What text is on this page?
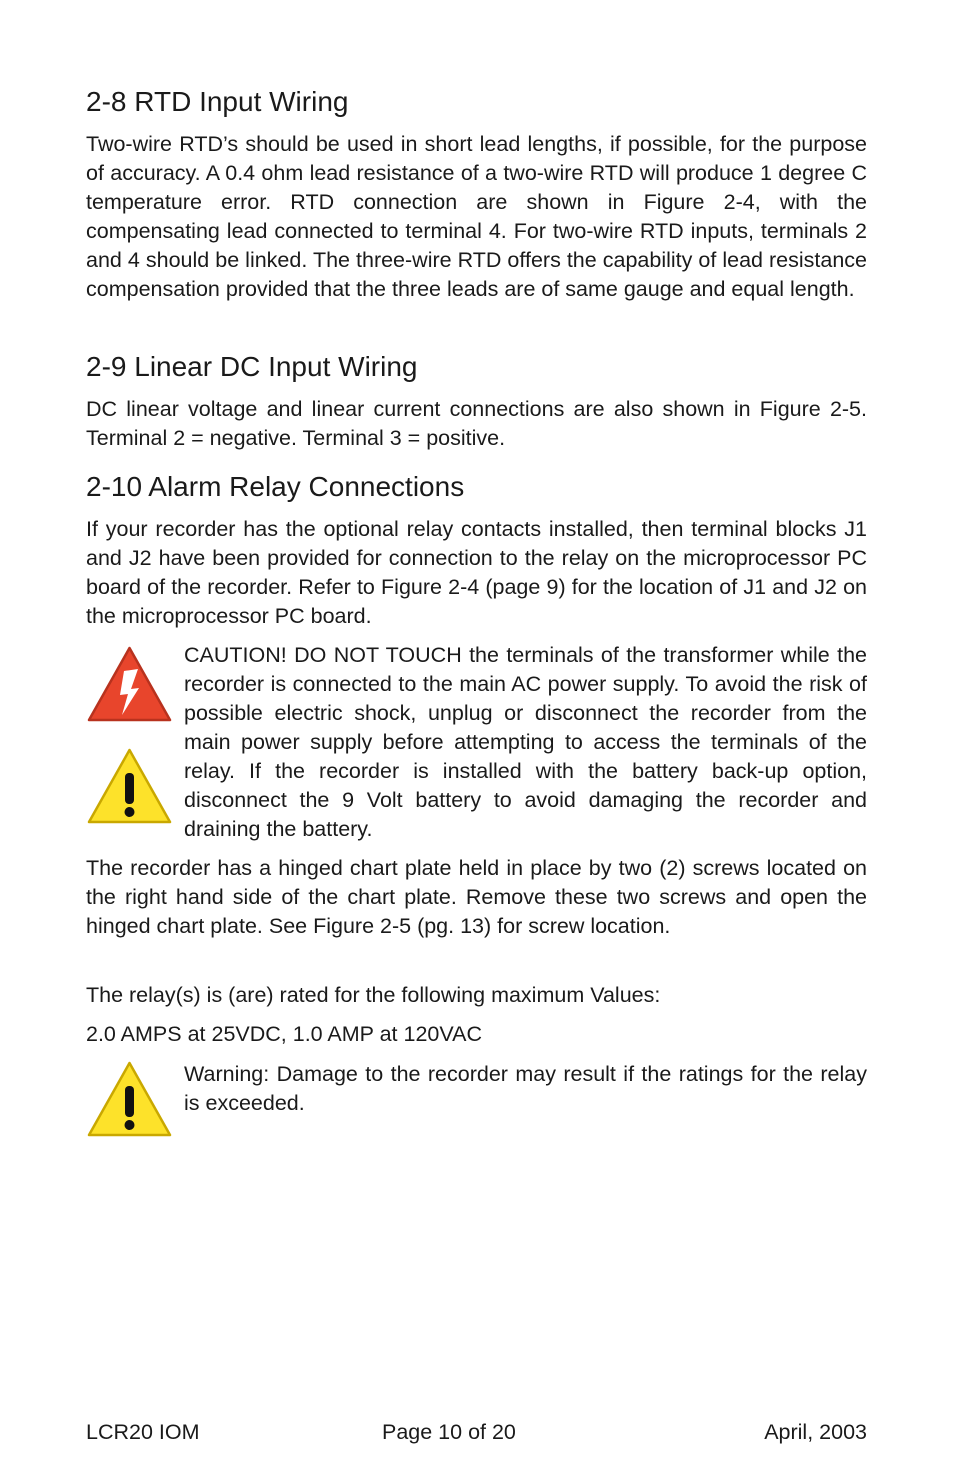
2-8 RTD Input Wiring

Two-wire RTD’s should be used in short lead lengths, if possible, for the purpose of accuracy. A 0.4 ohm lead resistance of a two-wire RTD will produce 1 degree C temperature error. RTD connection are shown in Figure 2-4, with the compensating lead connected to terminal 4. For two-wire RTD inputs, terminals 2 and 4 should be linked. The three-wire RTD offers the capability of lead resistance compensation provided that the three leads are of same gauge and equal length.

2-9 Linear DC Input Wiring

DC linear voltage and linear current connections are also shown in Figure 2-5. Terminal 2 = negative. Terminal 3 = positive.

2-10 Alarm Relay Connections

If your recorder has the optional relay contacts installed, then terminal blocks J1 and J2 have been provided for connection to the relay on the microprocessor PC board of the recorder. Refer to Figure 2-4 (page 9) for the location of J1 and J2 on the microprocessor PC board.

CAUTION! DO NOT TOUCH the terminals of the transformer while the recorder is connected to the main AC power supply. To avoid the risk of possible electric shock, unplug or disconnect the recorder from the main power supply before attempting to access the terminals of the relay. If the recorder is installed with the battery back-up option, disconnect the 9 Volt battery to avoid damaging the recorder and draining the battery.

The recorder has a hinged chart plate held in place by two (2) screws located on the right hand side of the chart plate. Remove these two screws and open the hinged chart plate. See Figure 2-5 (pg. 13) for screw location.

The relay(s) is (are) rated for the following maximum Values:

2.0 AMPS at 25VDC, 1.0 AMP at 120VAC

Warning: Damage to the recorder may result if the ratings for the relay is exceeded.

LCR20 IOM	Page 10 of 20	April, 2003
